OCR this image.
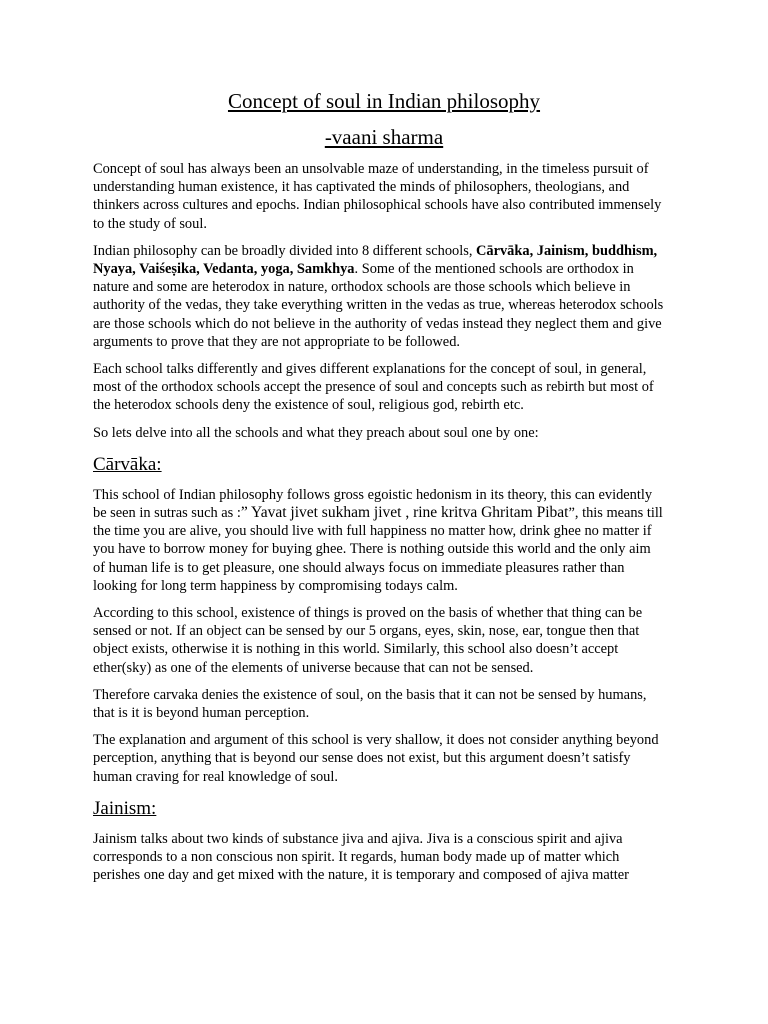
Concept of soul in Indian philosophy
-vaani sharma

Concept of soul has always been an unsolvable maze of understanding, in the timeless pursuit of understanding human existence, it has captivated the minds of philosophers, theologians, and thinkers across cultures and epochs. Indian philosophical schools have also contributed immensely to the study of soul.

Indian philosophy can be broadly divided into 8 different schools, Cārvāka, Jainism, buddhism, Nyaya, Vaiśeṣika, Vedanta, yoga, Samkhya. Some of the mentioned schools are orthodox in nature and some are heterodox in nature, orthodox schools are those schools which believe in authority of the vedas, they take everything written in the vedas as true, whereas heterodox schools are those schools which do not believe in the authority of vedas instead they neglect them and give arguments to prove that they are not appropriate to be followed.

Each school talks differently and gives different explanations for the concept of soul, in general, most of the orthodox schools accept the presence of soul and concepts such as rebirth but most of the heterodox schools deny the existence of soul, religious god, rebirth etc.

So lets delve into all the schools and what they preach about soul one by one:

Cārvāka:

This school of Indian philosophy follows gross egoistic hedonism in its theory, this can evidently be seen in sutras such as :” Yavat jivet sukham jivet , rine kritva Ghritam Pibat”, this means till the time you are alive, you should live with full happiness no matter how, drink ghee no matter if you have to borrow money for buying ghee. There is nothing outside this world and the only aim of human life is to get pleasure, one should always focus on immediate pleasures rather than looking for long term happiness by compromising todays calm.

According to this school, existence of things is proved on the basis of whether that thing can be sensed or not. If an object can be sensed by our 5 organs, eyes, skin, nose, ear, tongue then that object exists, otherwise it is nothing in this world. Similarly, this school also doesn’t accept ether(sky) as one of the elements of universe because that can not be sensed.

Therefore carvaka denies the existence of soul, on the basis that it can not be sensed by humans, that is it is beyond human perception.

The explanation and argument of this school is very shallow, it does not consider anything beyond perception, anything that is beyond our sense does not exist, but this argument doesn’t satisfy human craving for real knowledge of soul.

Jainism:

Jainism talks about two kinds of substance jiva and ajiva. Jiva is a conscious spirit and ajiva corresponds to a non conscious non spirit. It regards, human body made up of matter which perishes one day and get mixed with the nature, it is temporary and composed of ajiva matter
